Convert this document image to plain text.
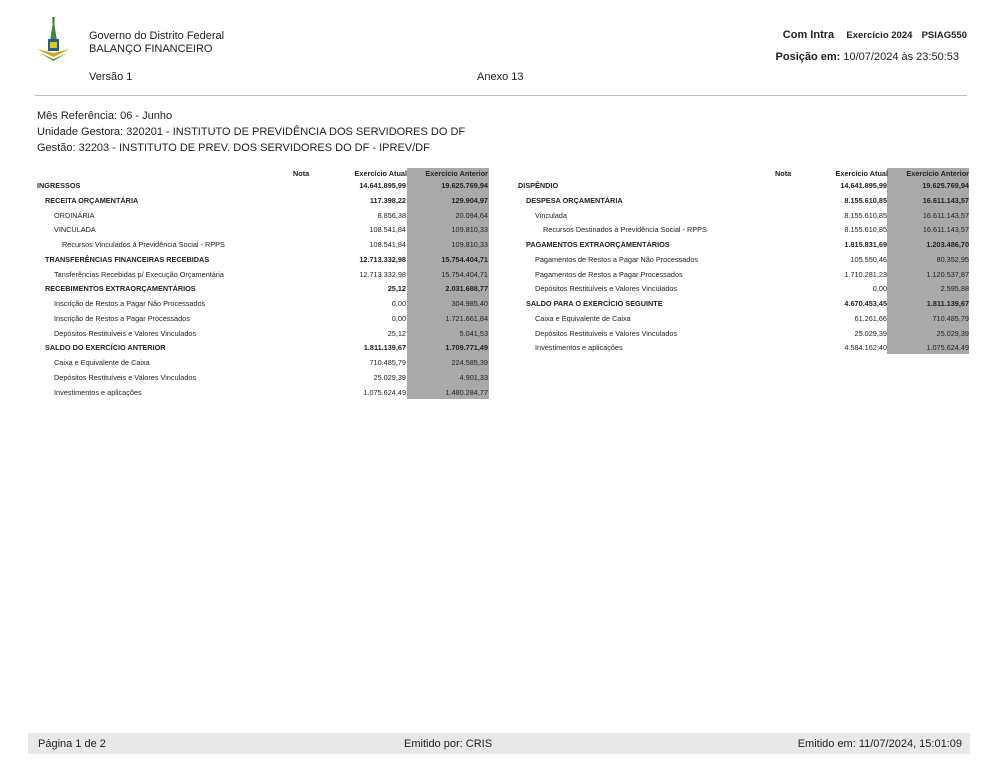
Governo do Distrito Federal
BALANÇO FINANCEIRO
Versão 1	Anexo 13
Com Intra Exercício 2024 PSIAG550
Posição em: 10/07/2024 às 23:50:53
Mês Referência: 06 - Junho
Unidade Gestora: 320201 - INSTITUTO DE PREVIDÊNCIA DOS SERVIDORES DO DF
Gestão: 32203 - INSTITUTO DE PREV. DOS SERVIDORES DO DF - IPREV/DF
Nota	Exercício Atual	Exercício Anterior
INGRESSOS	14.641.895,99	19.625.769,94
RECEITA ORÇAMENTÁRIA	117.398,22	129.904,97
ORDINÁRIA	8.856,38	20.094,64
VINCULADA	108.541,84	109.810,33
Recursos Vinculados à Previdência Social - RPPS	108.541,84	109.810,33
TRANSFERÊNCIAS FINANCEIRAS RECEBIDAS	12.713.332,98	15.754.404,71
Tansferências Recebidas p/ Execução Orçamentária	12.713.332,98	15.754.404,71
RECEBIMENTOS EXTRAORÇAMENTÁRIOS	25,12	2.031.688,77
Inscrição de Restos a Pagar Não Processados	0,00	304.985,40
Inscrição de Restos a Pagar Processados	0,00	1.721.661,84
Depósitos Restituíveis e Valores Vinculados	25,12	5.041,53
SALDO DO EXERCÍCIO ANTERIOR	1.811.139,67	1.709.771,49
Caixa e Equivalente de Caixa	710.485,79	224.585,39
Depósitos Restituíveis e Valores Vinculados	25.029,39	4.901,33
Investimentos e aplicações	1.075.624,49	1.480.284,77
Nota	Exercício Atual	Exercício Anterior
DISPÊNDIO	14.641.895,99	19.625.769,94
DESPESA ORÇAMENTÁRIA	8.155.610,85	16.611.143,57
Vinculada	8.155.610,85	16.611.143,57
Recursos Destinados à Previdência Social - RPPS	8.155.610,85	16.611.143,57
PAGAMENTOS EXTRAORÇAMENTÁRIOS	1.815.831,69	1.203.486,70
Pagamentos de Restos a Pagar Não Processados	105.550,46	80.352,95
Pagamentos de Restos a Pagar Processados	1.710.281,23	1.120.537,87
Depósitos Restituíveis e Valores Vinculados	0,00	2.595,88
SALDO PARA O EXERCÍCIO SEGUINTE	4.670.453,45	1.811.139,67
Caixa e Equivalente de Caixa	61.261,66	710.485,79
Depósitos Restituíveis e Valores Vinculados	25.029,39	25.029,39
Investimentos e aplicações	4.584.162,40	1.075.624,49
Página 1 de 2	Emitido por: CRIS	Emitido em: 11/07/2024, 15:01:09
